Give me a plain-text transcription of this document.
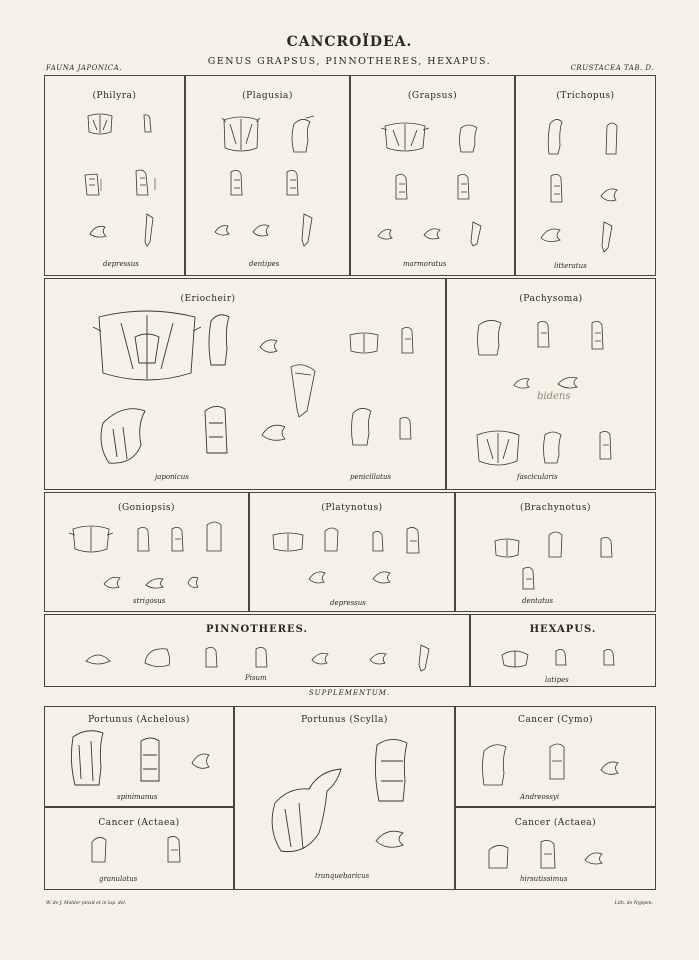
CANCROÏDEA.
GENUS GRAPSUS, PINNOTHERES, HEXAPUS.
FAUNA JAPONICA.	CRUSTACEA TAB. D.
(Philyra)
depressus
(Plagusia)
dentipes
(Grapsus)
marmoratus
(Trichopus)
litteratus
(Eriocheir)
japonicus	penicillatus
(Pachysoma)
bidens
fascicularis
(Goniopsis)
strigosus
(Platynotus)
depressus
(Brachynotus)
dentatus
PINNOTHERES.
Pisum
HEXAPUS.
latipes
SUPPLEMENTUM.
Portunus (Achelous)
spinimanus
Portunus (Scylla)
tranquebaricus
Cancer (Cymo)
Andreossyi
Cancer (Actaea)
granulatus
Cancer (Actaea)
hirsutissimus
W. de J. Molder pinxit et in lap. del.	Lith. de Nyppen.
